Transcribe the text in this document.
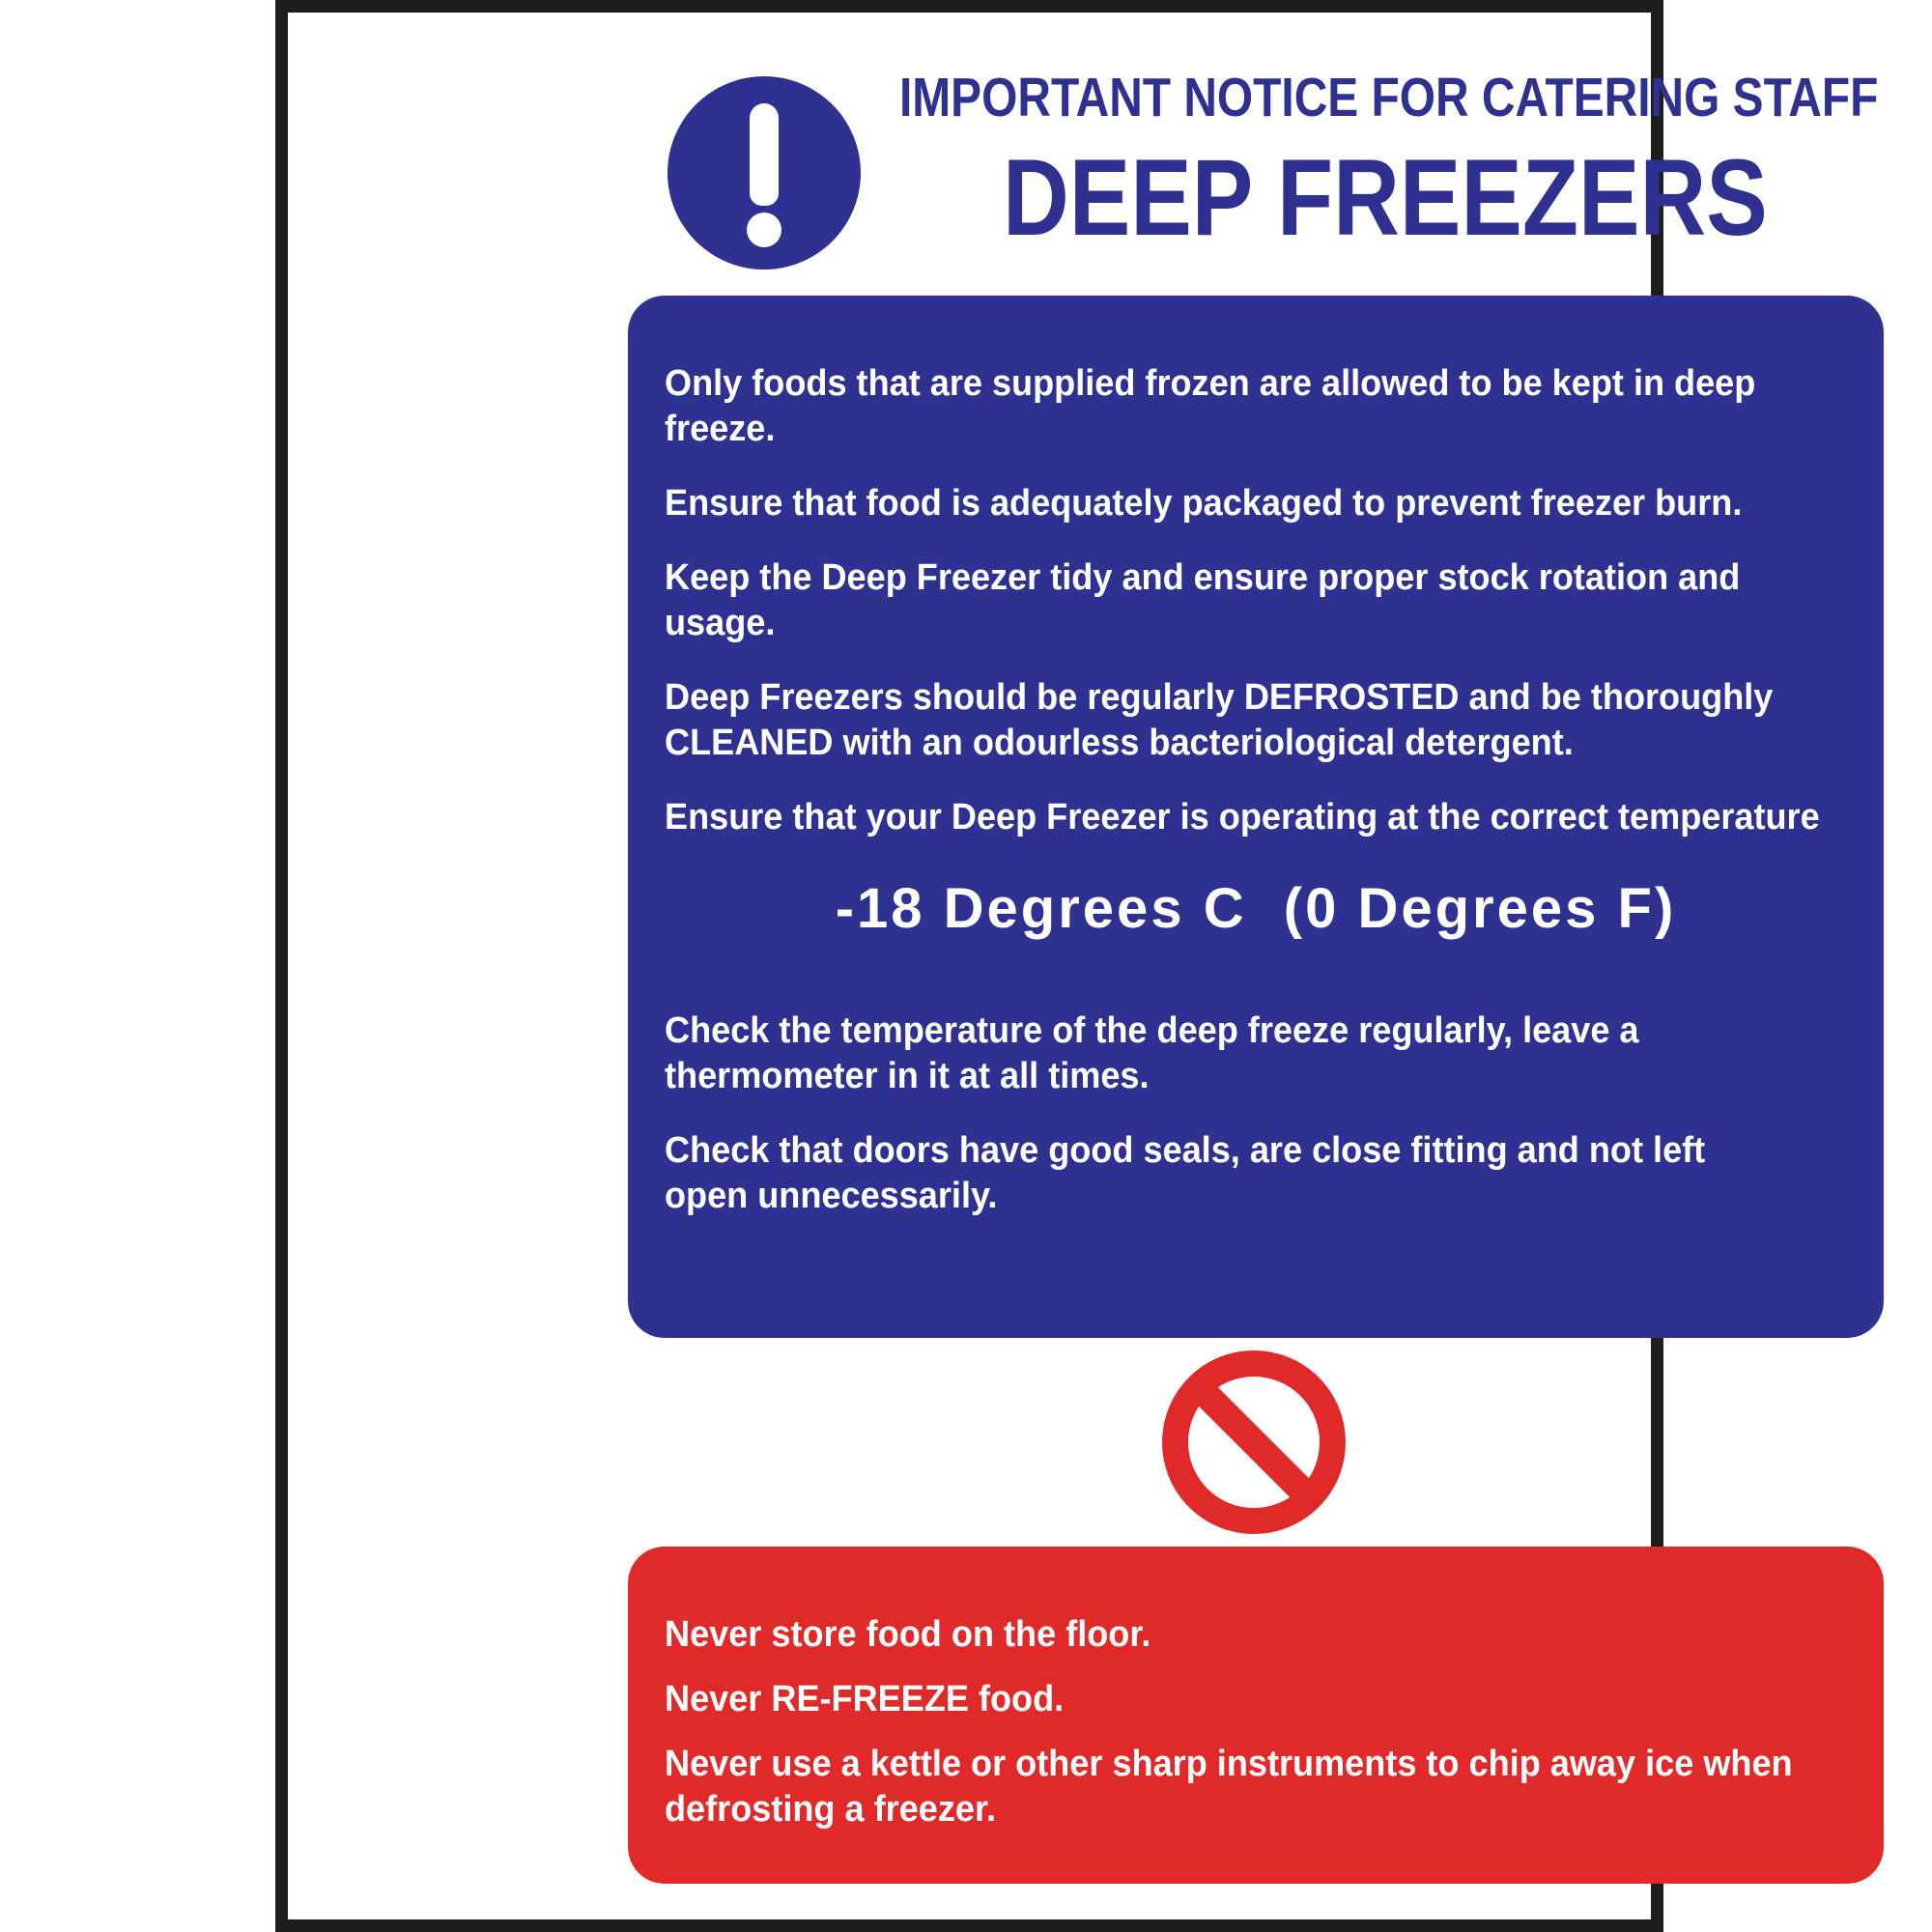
IMPORTANT NOTICE FOR CATERING STAFF
DEEP FREEZERS

Only foods that are supplied frozen are allowed to be kept in deep
freeze.

Ensure that food is adequately packaged to prevent freezer burn.

Keep the Deep Freezer tidy and ensure proper stock rotation and
usage.

Deep Freezers should be regularly DEFROSTED and be thoroughly
CLEANED with an odourless bacteriological detergent.

Ensure that your Deep Freezer is operating at the correct temperature

-18 Degrees C  (0 Degrees F)

Check the temperature of the deep freeze regularly, leave a
thermometer in it at all times.

Check that doors have good seals, are close fitting and not left
open unnecessarily.

Never store food on the floor.

Never RE-FREEZE food.

Never use a kettle or other sharp instruments to chip away ice when
defrosting a freezer.
